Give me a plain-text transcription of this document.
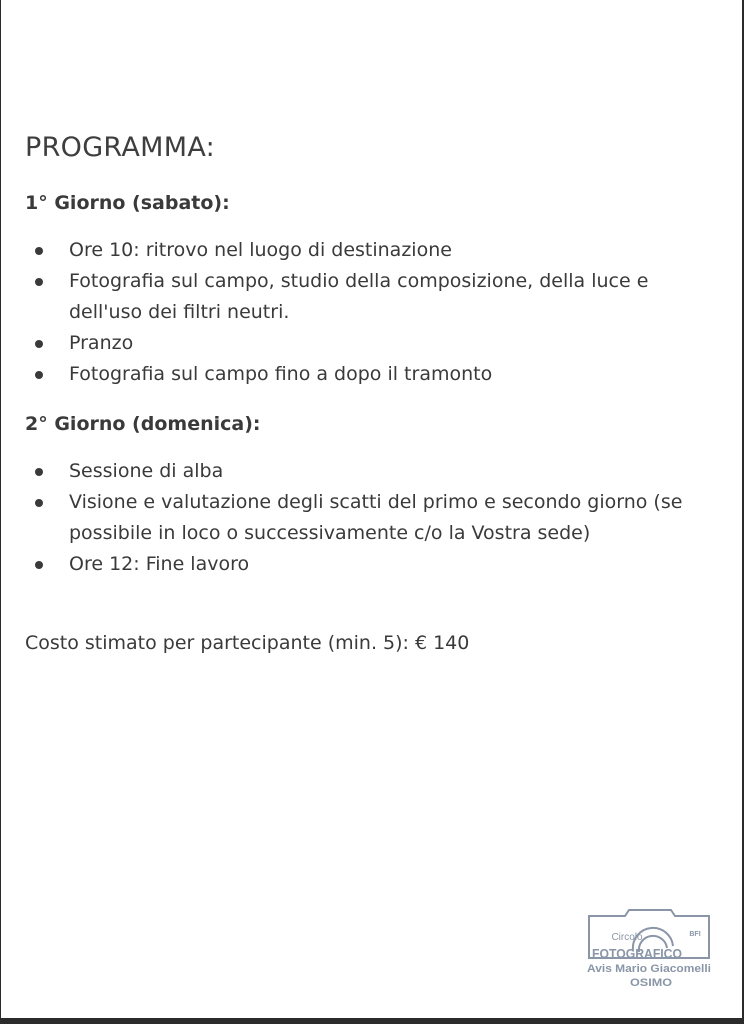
PROGRAMMA:
1° Giorno (sabato):
Ore 10: ritrovo nel luogo di destinazione
Fotografia sul campo, studio della composizione, della luce e dell'uso dei filtri neutri.
Pranzo
Fotografia sul campo fino a dopo il tramonto
2° Giorno (domenica):
Sessione di alba
Visione e valutazione degli scatti del primo e secondo giorno (se possibile in loco o successivamente c/o la Vostra sede)
Ore 12: Fine lavoro

Costo stimato per partecipante (min. 5): € 140

Circolo	BFI
FOTOGRAFICO
Avis Mario Giacomelli
OSIMO
